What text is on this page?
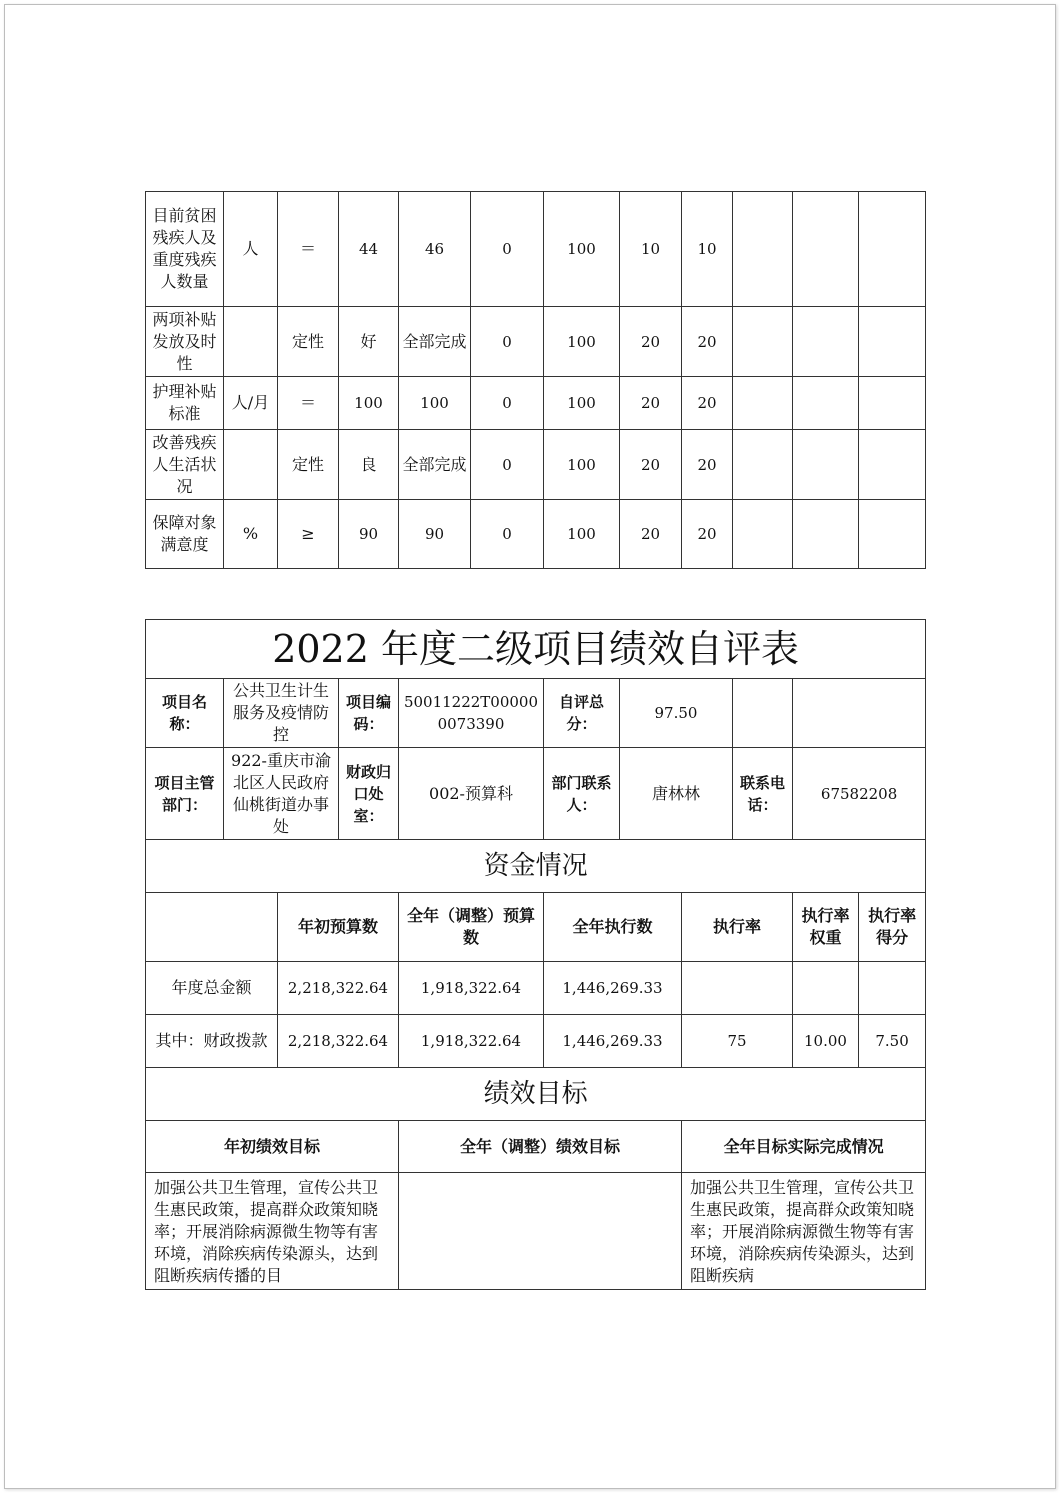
目前贫困残疾人及重度残疾人数量	人	＝	44	46	0	100	10	10			
两项补贴发放及时性		定性	好	全部完成	0	100	20	20			
护理补贴标准	人/月	＝	100	100	0	100	20	20			
改善残疾人生活状况		定性	良	全部完成	0	100	20	20			
保障对象满意度	%	≥	90	90	0	100	20	20			
2022 年度二级项目绩效自评表										
项目名称：	公共卫生计生服务及疫情防控		项目编码：	50011222T000000073390	自评总分：	97.50				
项目主管部门：	922-重庆市渝北区人民政府仙桃街道办事处		财政归口处室：	002-预算科	部门联系人：	唐林林		联系电话：	67582208	
资金情况										
		年初预算数		全年（调整）预算数	全年执行数		执行率		执行率权重	执行率得分
年度总金额		2,218,322.64		1,918,322.64	1,446,269.33					
其中：财政拨款		2,218,322.64		1,918,322.64	1,446,269.33		75		10.00	7.50
绩效目标										
年初绩效目标				全年（调整）绩效目标			全年目标实际完成情况			

加强公共卫生管理，宣传公共卫生惠民政策，提高群众政策知晓率；开展消除病源微生物等有害环境，消除疾病传染源头，达到阻断疾病传播的目							加强公共卫生管理，宣传公共卫生惠民政策，提高群众政策知晓率；开展消除病源微生物等有害环境，消除疾病传染源头，达到阻断疾病			
